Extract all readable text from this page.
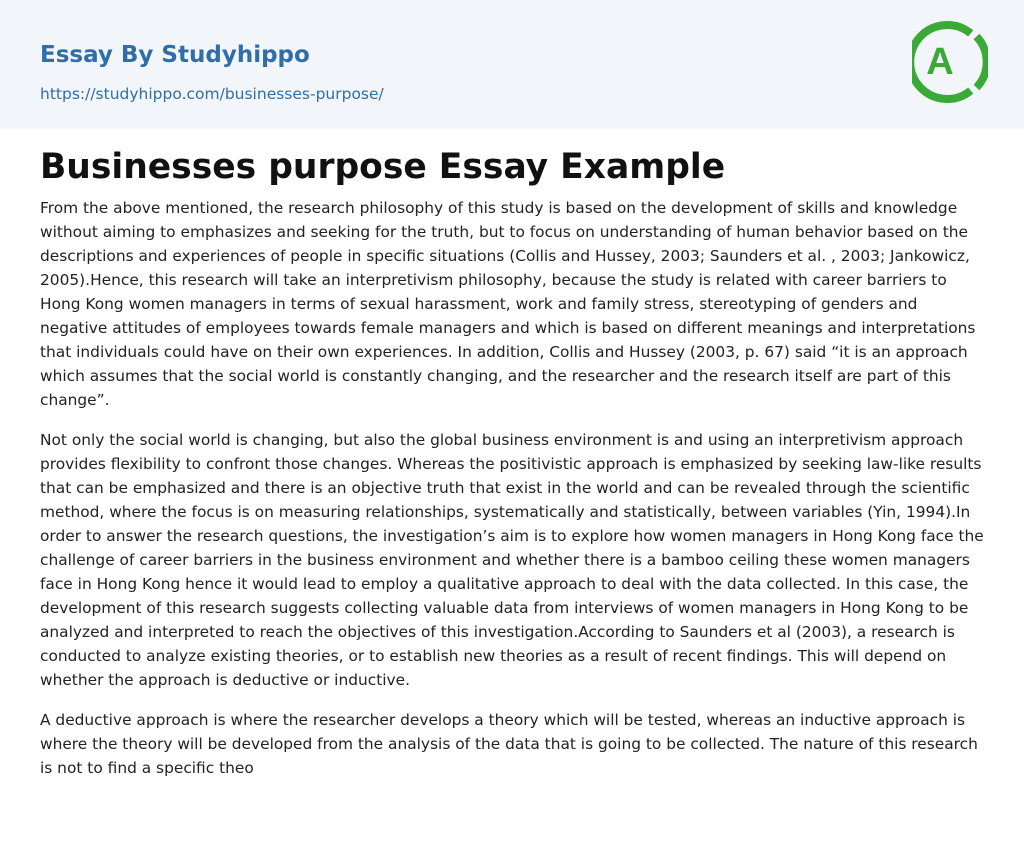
Essay By Studyhippo
https://studyhippo.com/businesses-purpose/
A
Businesses purpose Essay Example

From the above mentioned, the research philosophy of this study is based on the development of skills and knowledge without aiming to emphasizes and seeking for the truth, but to focus on understanding of human behavior based on the descriptions and experiences of people in specific situations (Collis and Hussey, 2003; Saunders et al. , 2003; Jankowicz, 2005).Hence, this research will take an interpretivism philosophy, because the study is related with career barriers to Hong Kong women managers in terms of sexual harassment, work and family stress, stereotyping of genders and negative attitudes of employees towards female managers and which is based on different meanings and interpretations that individuals could have on their own experiences. In addition, Collis and Hussey (2003, p. 67) said “it is an approach which assumes that the social world is constantly changing, and the researcher and the research itself are part of this change”.

Not only the social world is changing, but also the global business environment is and using an interpretivism approach provides flexibility to confront those changes. Whereas the positivistic approach is emphasized by seeking law-like results that can be emphasized and there is an objective truth that exist in the world and can be revealed through the scientific method, where the focus is on measuring relationships, systematically and statistically, between variables (Yin, 1994).In order to answer the research questions, the investigation’s aim is to explore how women managers in Hong Kong face the challenge of career barriers in the business environment and whether there is a bamboo ceiling these women managers face in Hong Kong hence it would lead to employ a qualitative approach to deal with the data collected. In this case, the development of this research suggests collecting valuable data from interviews of women managers in Hong Kong to be analyzed and interpreted to reach the objectives of this investigation.According to Saunders et al (2003), a research is conducted to analyze existing theories, or to establish new theories as a result of recent findings. This will depend on whether the approach is deductive or inductive.

A deductive approach is where the researcher develops a theory which will be tested, whereas an inductive approach is where the theory will be developed from the analysis of the data that is going to be collected. The nature of this research is not to find a specific theo
